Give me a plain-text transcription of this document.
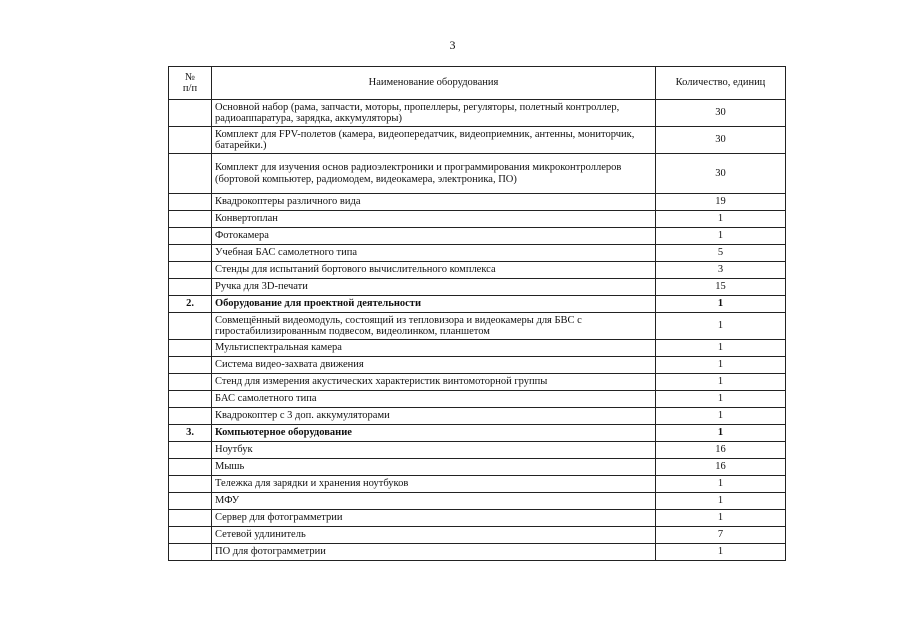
3
№
п/п	Наименование оборудования	Количество, единиц
	Основной набор (рама, запчасти, моторы, пропеллеры, регуляторы, полетный контроллер, радиоаппаратура, зарядка, аккумуляторы)	30
	Комплект для FPV-полетов (камера, видеопередатчик, видеоприемник, антенны, мониторчик, батарейки.)	30
	Комплект для изучения основ радиоэлектроники и программирования микроконтроллеров (бортовой компьютер, радиомодем, видеокамера, электроника, ПО)	30
	Квадрокоптеры различного вида	19
	Конвертоплан	1
	Фотокамера	1
	Учебная БАС самолетного типа	5
	Стенды для испытаний бортового вычислительного комплекса	3
	Ручка для 3D-печати	15
2.	Оборудование для проектной деятельности	1
	Совмещённый видеомодуль, состоящий из тепловизора и видеокамеры для БВС с гиростабилизированным подвесом, видеолинком, планшетом	1
	Мультиспектральная камера	1
	Система видео-захвата движения	1
	Стенд для измерения акустических характеристик винтомоторной группы	1
	БАС самолетного типа	1
	Квадрокоптер с 3 доп. аккумуляторами	1
3.	Компьютерное оборудование	1
	Ноутбук	16
	Мышь	16
	Тележка для зарядки и хранения ноутбуков	1
	МФУ	1
	Сервер для фотограмметрии	1
	Сетевой удлинитель	7
	ПО для фотограмметрии	1
